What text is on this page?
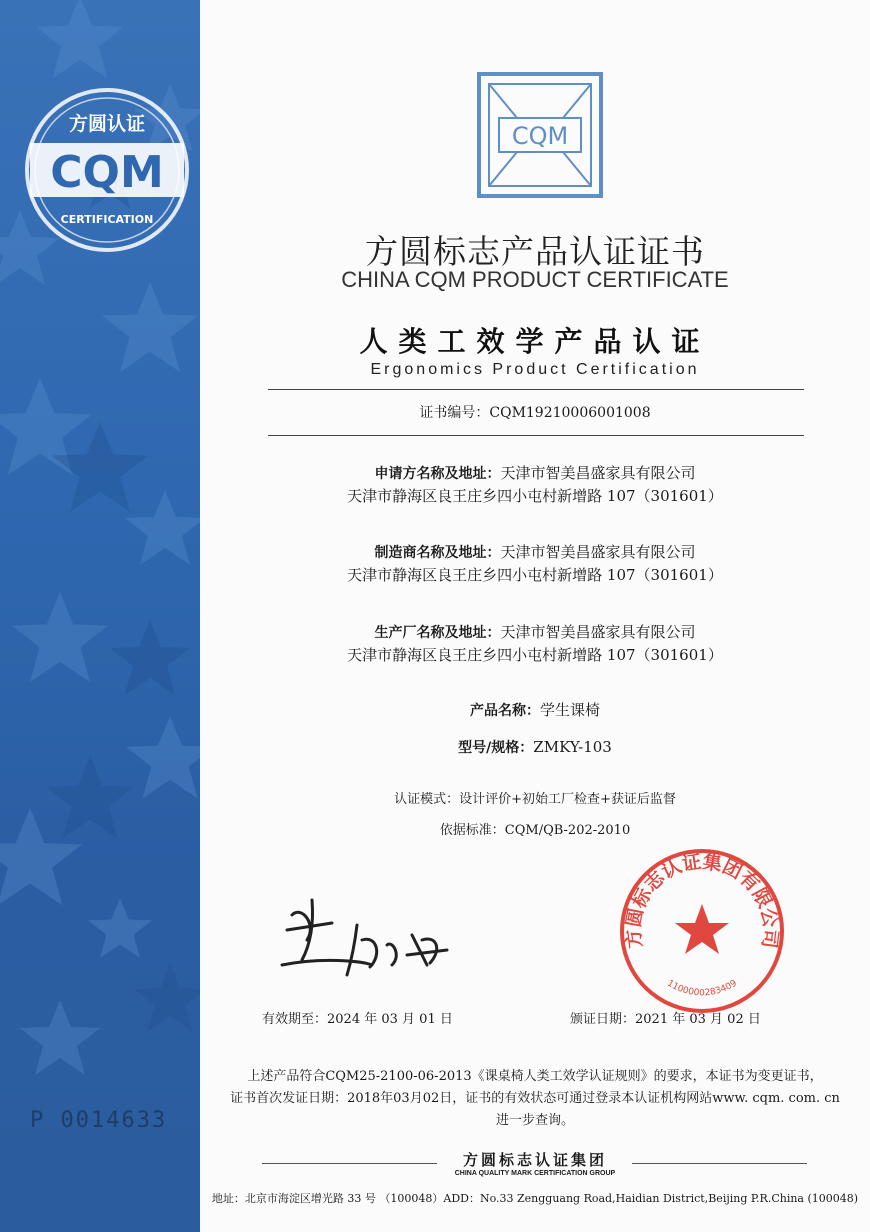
CQM
方圆认证
CERTIFICATION
P 0014633
CQM
方圆标志产品认证证书
CHINA CQM PRODUCT CERTIFICATE
人类工效学产品认证
Ergonomics Product Certification
证书编号：CQM19210006001008
申请方名称及地址：天津市智美昌盛家具有限公司
天津市静海区良王庄乡四小屯村新增路 107（301601）
制造商名称及地址：天津市智美昌盛家具有限公司
天津市静海区良王庄乡四小屯村新增路 107（301601）
生产厂名称及地址：天津市智美昌盛家具有限公司
天津市静海区良王庄乡四小屯村新增路 107（301601）
产品名称：学生课椅
型号/规格：ZMKY-103
认证模式：设计评价+初始工厂检查+获证后监督
依据标准：CQM/QB-202-2010
方圆标志认证集团有限公司
1100000283409
有效期至：2024 年 03 月 01 日	颁证日期：2021 年 03 月 02 日
上述产品符合CQM25-2100-06-2013《课桌椅人类工效学认证规则》的要求，本证书为变更证书，
证书首次发证日期：2018年03月02日，证书的有效状态可通过登录本认证机构网站www. cqm. com. cn
进一步查询。
方圆标志认证集团
CHINA QUALITY MARK CERTIFICATION GROUP
地址：北京市海淀区增光路 33 号 （100048）ADD：No.33 Zengguang Road,Haidian District,Beijing P.R.China (100048)
